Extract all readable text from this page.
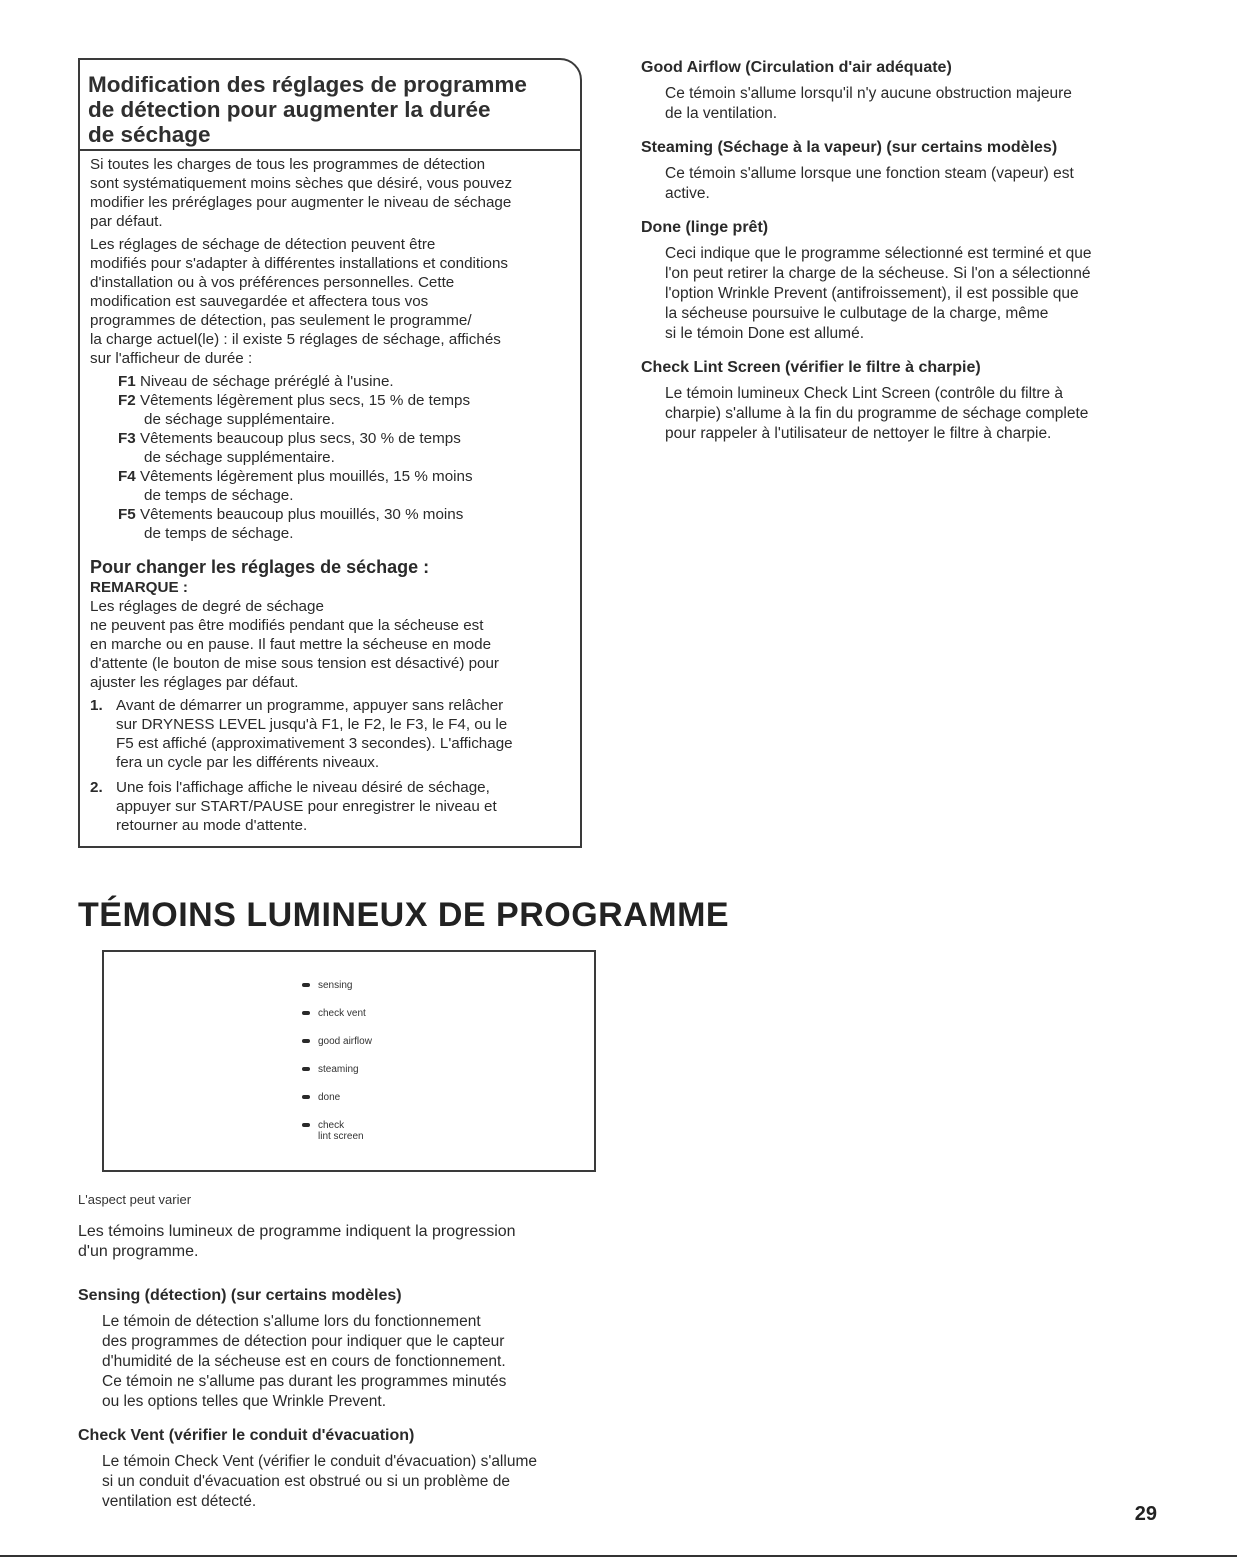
Modification des réglages de programme
de détection pour augmenter la durée
de séchage

Si toutes les charges de tous les programmes de détection
sont systématiquement moins sèches que désiré, vous pouvez
modifier les préréglages pour augmenter le niveau de séchage
par défaut.

Les réglages de séchage de détection peuvent être
modifiés pour s'adapter à différentes installations et conditions
d'installation ou à vos préférences personnelles. Cette
modification est sauvegardée et affectera tous vos
programmes de détection, pas seulement le programme/
la charge actuel(le) : il existe 5 réglages de séchage, affichés
sur l'afficheur de durée :

F1 Niveau de séchage préréglé à l'usine.
F2 Vêtements légèrement plus secs, 15 % de temps
de séchage supplémentaire.
F3 Vêtements beaucoup plus secs, 30 % de temps
de séchage supplémentaire.
F4 Vêtements légèrement plus mouillés, 15 % moins
de temps de séchage.
F5 Vêtements beaucoup plus mouillés, 30 % moins
de temps de séchage.
Pour changer les réglages de séchage :

REMARQUE :
Les réglages de degré de séchage
ne peuvent pas être modifiés pendant que la sécheuse est
en marche ou en pause. Il faut mettre la sécheuse en mode
d'attente (le bouton de mise sous tension est désactivé) pour
ajuster les réglages par défaut.

1. Avant de démarrer un programme, appuyer sans relâcher
sur DRYNESS LEVEL jusqu'à F1, le F2, le F3, le F4, ou le
F5 est affiché (approximativement 3 secondes). L'affichage
fera un cycle par les différents niveaux.
2. Une fois l'affichage affiche le niveau désiré de séchage,
appuyer sur START/PAUSE pour enregistrer le niveau et
retourner au mode d'attente.
TÉMOINS LUMINEUX DE PROGRAMME
sensing
check vent
good airflow
steaming
done
check
lint screen
L'aspect peut varier

Les témoins lumineux de programme indiquent la progression
d'un programme.

Sensing (détection) (sur certains modèles)
Le témoin de détection s'allume lors du fonctionnement
des programmes de détection pour indiquer que le capteur
d'humidité de la sécheuse est en cours de fonctionnement.
Ce témoin ne s'allume pas durant les programmes minutés
ou les options telles que Wrinkle Prevent.
Check Vent (vérifier le conduit d'évacuation)
Le témoin Check Vent (vérifier le conduit d'évacuation) s'allume
si un conduit d'évacuation est obstrué ou si un problème de
ventilation est détecté.
Good Airflow (Circulation d'air adéquate)
Ce témoin s'allume lorsqu'il n'y aucune obstruction majeure
de la ventilation.
Steaming (Séchage à la vapeur) (sur certains modèles)
Ce témoin s'allume lorsque une fonction steam (vapeur) est
active.
Done (linge prêt)
Ceci indique que le programme sélectionné est terminé et que
l'on peut retirer la charge de la sécheuse. Si l'on a sélectionné
l'option Wrinkle Prevent (antifroissement), il est possible que
la sécheuse poursuive le culbutage de la charge, même
si le témoin Done est allumé.
Check Lint Screen (vérifier le filtre à charpie)
Le témoin lumineux Check Lint Screen (contrôle du filtre à
charpie) s'allume à la fin du programme de séchage complete
pour rappeler à l'utilisateur de nettoyer le filtre à charpie.
29
